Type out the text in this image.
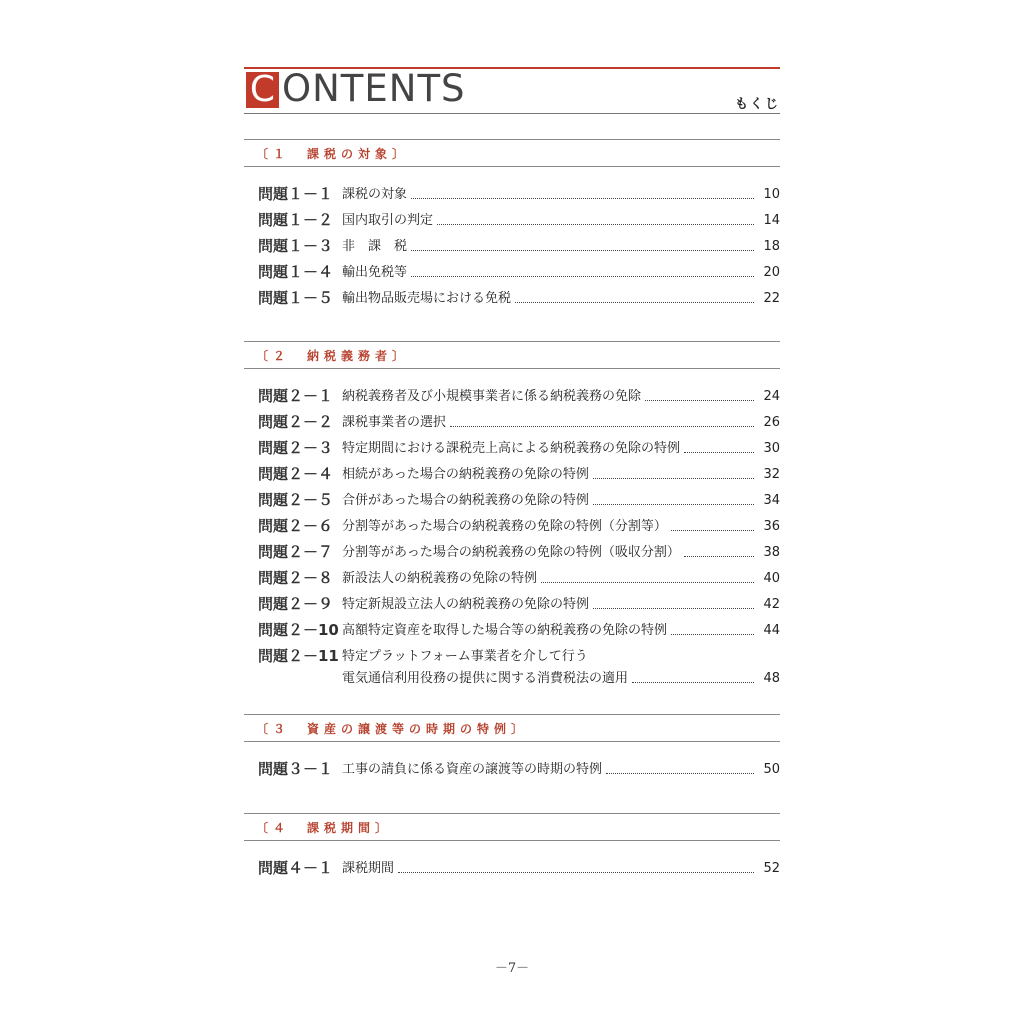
C ONTENTS	もくじ
〔１　課税の対象〕
問題１－１ 課税の対象	10
問題１－２ 国内取引の判定	14
問題１－３ 非　課　税	18
問題１－４ 輸出免税等	20
問題１－５ 輸出物品販売場における免税	22
〔２　納税義務者〕
問題２－１ 納税義務者及び小規模事業者に係る納税義務の免除	24
問題２－２ 課税事業者の選択	26
問題２－３ 特定期間における課税売上高による納税義務の免除の特例	30
問題２－４ 相続があった場合の納税義務の免除の特例	32
問題２－５ 合併があった場合の納税義務の免除の特例	34
問題２－６ 分割等があった場合の納税義務の免除の特例（分割等）	36
問題２－７ 分割等があった場合の納税義務の免除の特例（吸収分割）	38
問題２－８ 新設法人の納税義務の免除の特例	40
問題２－９ 特定新規設立法人の納税義務の免除の特例	42
問題２－10 高額特定資産を取得した場合等の納税義務の免除の特例	44
問題２－11 特定プラットフォーム事業者を介して行う
電気通信利用役務の提供に関する消費税法の適用	48
〔３　資産の譲渡等の時期の特例〕
問題３－１ 工事の請負に係る資産の譲渡等の時期の特例	50
〔４　課税期間〕
問題４－１ 課税期間	52
－7－
